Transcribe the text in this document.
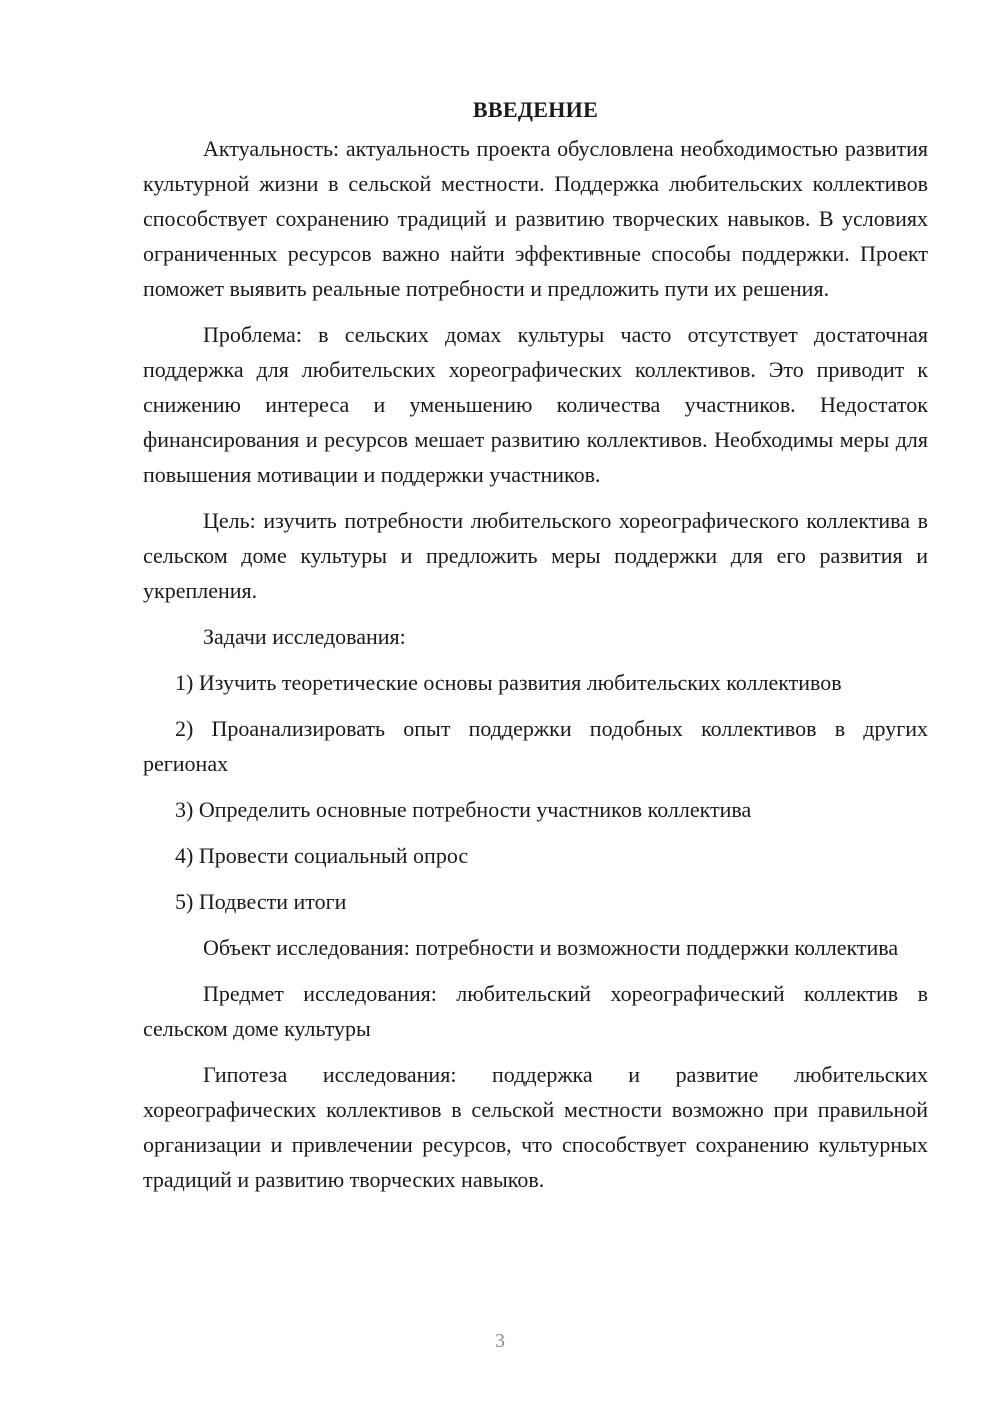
ВВЕДЕНИЕ

Актуальность: актуальность проекта обусловлена необходимостью развития культурной жизни в сельской местности. Поддержка любительских коллективов способствует сохранению традиций и развитию творческих навыков. В условиях ограниченных ресурсов важно найти эффективные способы поддержки. Проект поможет выявить реальные потребности и предложить пути их решения.

Проблема: в сельских домах культуры часто отсутствует достаточная поддержка для любительских хореографических коллективов. Это приводит к снижению интереса и уменьшению количества участников. Недостаток финансирования и ресурсов мешает развитию коллективов. Необходимы меры для повышения мотивации и поддержки участников.

Цель: изучить потребности любительского хореографического коллектива в сельском доме культуры и предложить меры поддержки для его развития и укрепления.

Задачи исследования:

1) Изучить теоретические основы развития любительских коллективов

2) Проанализировать опыт поддержки подобных коллективов в других регионах

3) Определить основные потребности участников коллектива

4) Провести социальный опрос

5) Подвести итоги

Объект исследования: потребности и возможности поддержки коллектива

Предмет исследования: любительский хореографический коллектив в сельском доме культуры

Гипотеза исследования: поддержка и развитие любительских хореографических коллективов в сельской местности возможно при правильной организации и привлечении ресурсов, что способствует сохранению культурных традиций и развитию творческих навыков.

3
